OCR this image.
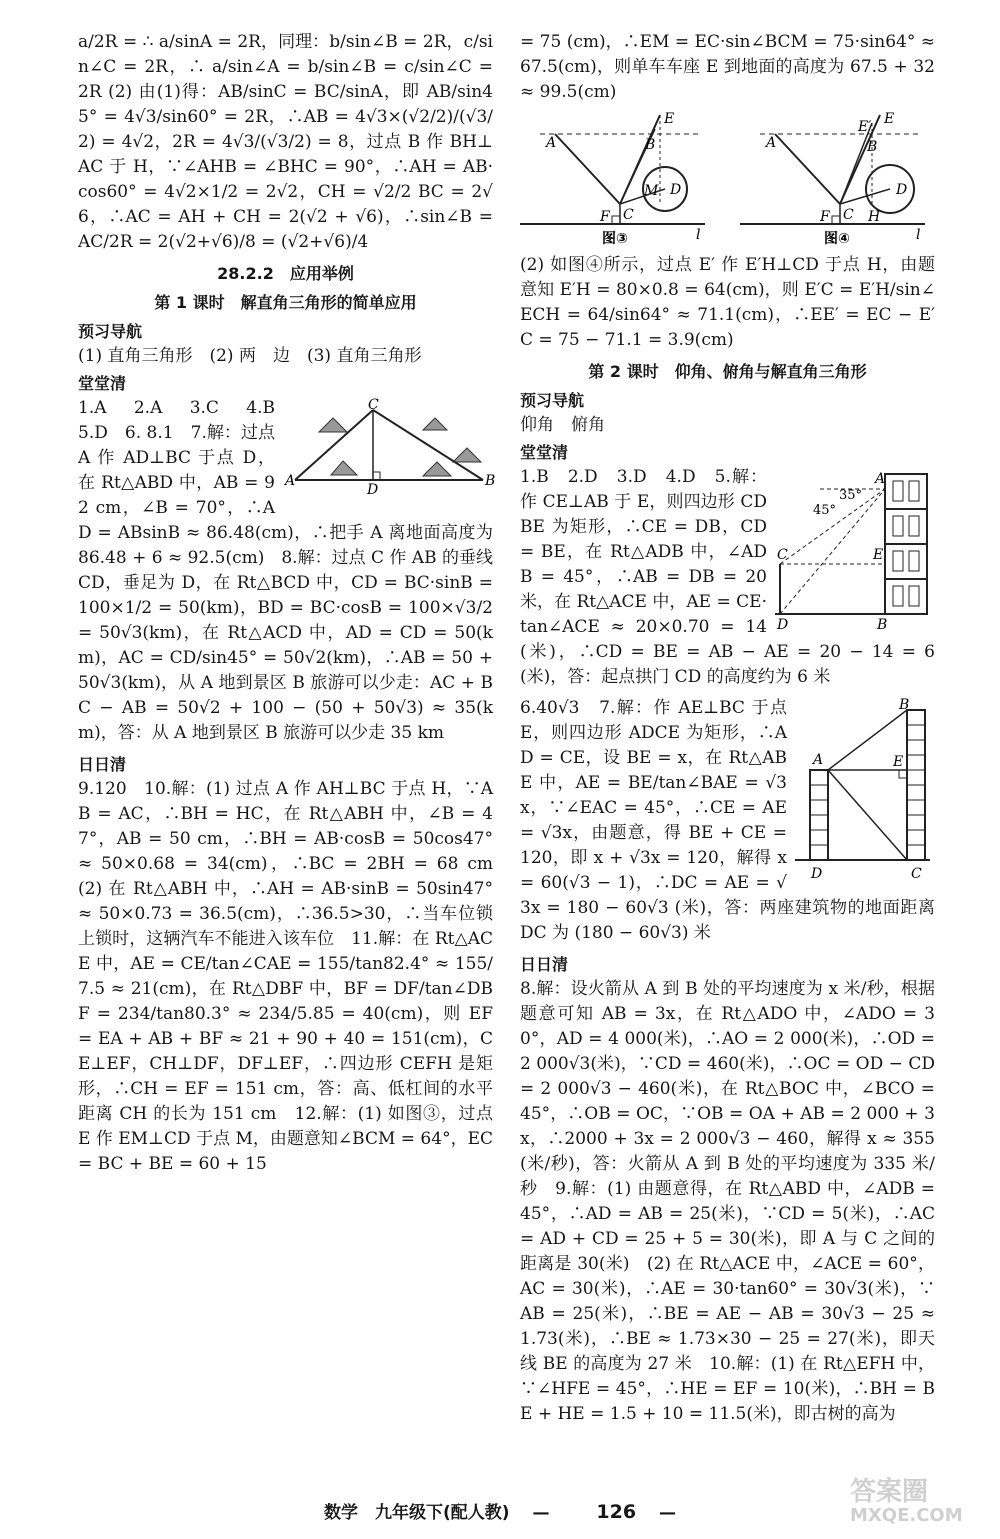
a/2R = ∴ a/sinA = 2R，同理：b/sin∠B = 2R，c/sin∠C = 2R，∴ a/sin∠A = b/sin∠B = c/sin∠C = 2R (2) 由(1)得：AB/sinC = BC/sinA，即 AB/sin45° = 4√3/sin60° = 2R，∴AB = 4√3×(√2/2)/(√3/2) = 4√2，2R = 4√3/(√3/2) = 8，过点 B 作 BH⊥AC 于 H，∵∠AHB = ∠BHC = 90°，∴AH = AB·cos60° = 4√2×1/2 = 2√2，CH = √2/2 BC = 2√6，∴AC = AH + CH = 2(√2 + √6)，∴sin∠B = AC/2R = 2(√2+√6)/8 = (√2+√6)/4

28.2.2　应用举例
第 1 课时　解直角三角形的简单应用
预习导航

(1) 直角三角形　(2) 两　边　(3) 直角三角形

堂堂清
A	B
C
D

1.A　2.A　3.C　4.B　5.D　6. 8.1　7.解：过点 A 作 AD⊥BC 于点 D，在 Rt△ABD 中，AB = 92 cm，∠B = 70°，∴AD = ABsinB ≈ 86.48(cm)，∴把手 A 离地面高度为 86.48 + 6 ≈ 92.5(cm)　8.解：过点 C 作 AB 的垂线 CD，垂足为 D，在 Rt△BCD 中，CD = BC·sinB = 100×1/2 = 50(km)，BD = BC·cosB = 100×√3/2 = 50√3(km)，在 Rt△ACD 中，AD = CD = 50(km)，AC = CD/sin45° = 50√2(km)，∴AB = 50 + 50√3(km)，从 A 地到景区 B 旅游可以少走：AC + BC − AB = 50√2 + 100 − (50 + 50√3) ≈ 35(km)，答：从 A 地到景区 B 旅游可以少走 35 km

日日清

9.120　10.解：(1) 过点 A 作 AH⊥BC 于点 H，∵AB = AC，∴BH = HC，在 Rt△ABH 中，∠B = 47°，AB = 50 cm，∴BH = AB·cosB = 50cos47° ≈ 50×0.68 = 34(cm)，∴BC = 2BH = 68 cm　(2) 在 Rt△ABH 中，∴AH = AB·sinB = 50sin47° ≈ 50×0.73 = 36.5(cm)，∴36.5>30，∴当车位锁上锁时，这辆汽车不能进入该车位　11.解：在 Rt△ACE 中，AE = CE/tan∠CAE = 155/tan82.4° ≈ 155/7.5 ≈ 21(cm)，在 Rt△DBF 中，BF = DF/tan∠DBF = 234/tan80.3° ≈ 234/5.85 = 40(cm)，则 EF = EA + AB + BF ≈ 21 + 90 + 40 = 151(cm)，CE⊥EF，CH⊥DF，DF⊥EF，∴四边形 CEFH 是矩形，∴CH = EF = 151 cm，答：高、低杠间的水平距离 CH 的长为 151 cm　12.解：(1) 如图③，过点 E 作 EM⊥CD 于点 M，由题意知∠BCM = 64°，EC = BC + BE = 60 + 15

= 75 (cm)，∴EM = EC·sin∠BCM = 75·sin64° ≈ 67.5(cm)，则单车车座 E 到地面的高度为 67.5 + 32 ≈ 99.5(cm)

A	B
C
D
E
F
M
l
图③
A	B
C
D
E
E′
F	H
l
图④

(2) 如图④所示，过点 E′ 作 E′H⊥CD 于点 H，由题意知 E′H = 80×0.8 = 64(cm)，则 E′C = E′H/sin∠ECH = 64/sin64° ≈ 71.1(cm)，∴EE′ = EC − E′C = 75 − 71.1 = 3.9(cm)

第 2 课时　仰角、俯角与解直角三角形
预习导航

仰角　俯角

堂堂清
A
B
C
D
E
35°
45°

1.B　2.D　3.D　4.D　5.解：作 CE⊥AB 于 E，则四边形 CDBE 为矩形，∴CE = DB，CD = BE，在 Rt△ADB 中，∠ADB = 45°，∴AB = DB = 20 米，在 Rt△ACE 中，AE = CE·tan∠ACE ≈ 20×0.70 = 14(米)，∴CD = BE = AB − AE = 20 − 14 = 6(米)，答：起点拱门 CD 的高度约为 6 米

A
B
C
D
E

6.40√3　7.解：作 AE⊥BC 于点 E，则四边形 ADCE 为矩形，∴AD = CE，设 BE = x，在 Rt△ABE 中，AE = BE/tan∠BAE = √3x，∵∠EAC = 45°，∴CE = AE = √3x，由题意，得 BE + CE = 120，即 x + √3x = 120，解得 x = 60(√3 − 1)，∴DC = AE = √3x = 180 − 60√3 (米)，答：两座建筑物的地面距离 DC 为 (180 − 60√3) 米

日日清

8.解：设火箭从 A 到 B 处的平均速度为 x 米/秒，根据题意可知 AB = 3x，在 Rt△ADO 中，∠ADO = 30°，AD = 4 000(米)，∴AO = 2 000(米)，∴OD = 2 000√3(米)，∵CD = 460(米)，∴OC = OD − CD = 2 000√3 − 460(米)，在 Rt△BOC 中，∠BCO = 45°，∴OB = OC，∵OB = OA + AB = 2 000 + 3x，∴2000 + 3x = 2 000√3 − 460，解得 x ≈ 355(米/秒)，答：火箭从 A 到 B 处的平均速度为 335 米/秒　9.解：(1) 由题意得，在 Rt△ABD 中，∠ADB = 45°，∴AD = AB = 25(米)，∵CD = 5(米)，∴AC = AD + CD = 25 + 5 = 30(米)，即 A 与 C 之间的距离是 30(米)　(2) 在 Rt△ACE 中，∠ACE = 60°，AC = 30(米)，∴AE = 30·tan60° = 30√3(米)，∵AB = 25(米)，∴BE = AE − AB = 30√3 − 25 ≈ 1.73(米)，∴BE ≈ 1.73×30 − 25 = 27(米)，即天线 BE 的高度为 27 米　10.解：(1) 在 Rt△EFH 中，∵∠HFE = 45°，∴HE = EF = 10(米)，∴BH = BE + HE = 1.5 + 10 = 11.5(米)，即古树的高为

数学　九年级下(配人教) 　—　 126 　—
答案圈
MXQE.COM
